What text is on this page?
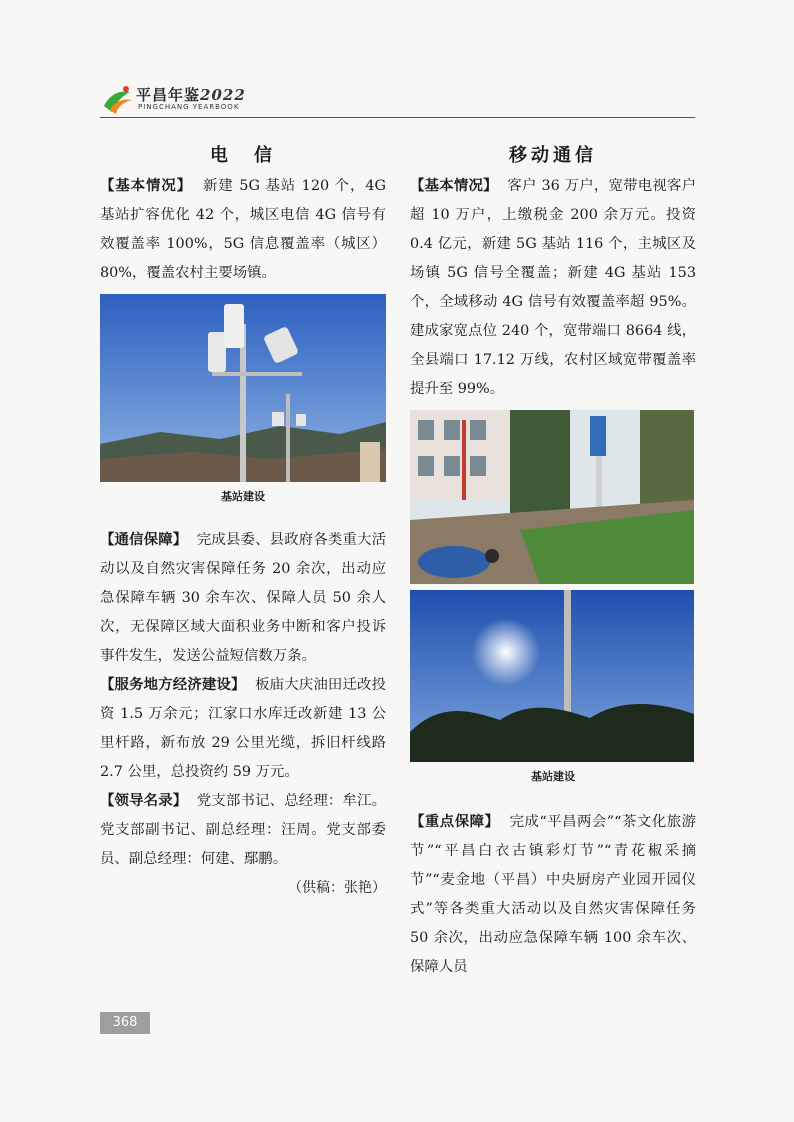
平昌年鉴2022
PINGCHANG YEARBOOK
电　信

【基本情况】 新建 5G 基站 120 个，4G 基站扩容优化 42 个，城区电信 4G 信号有效覆盖率 100%，5G 信息覆盖率（城区）80%，覆盖农村主要场镇。

基站建设

【通信保障】 完成县委、县政府各类重大活动以及自然灾害保障任务 20 余次，出动应急保障车辆 30 余车次、保障人员 50 余人次，无保障区域大面积业务中断和客户投诉事件发生，发送公益短信数万条。

【服务地方经济建设】 板庙大庆油田迁改投资 1.5 万余元；江家口水库迁改新建 13 公里杆路，新布放 29 公里光缆，拆旧杆线路 2.7 公里，总投资约 59 万元。

【领导名录】 党支部书记、总经理：牟江。党支部副书记、副总经理：汪周。党支部委员、副总经理：何建、鄢鹏。

（供稿：张艳）

移动通信

【基本情况】 客户 36 万户，宽带电视客户超 10 万户，上缴税金 200 余万元。投资 0.4 亿元，新建 5G 基站 116 个，主城区及场镇 5G 信号全覆盖；新建 4G 基站 153 个，全域移动 4G 信号有效覆盖率超 95%。建成家宽点位 240 个，宽带端口 8664 线，全县端口 17.12 万线，农村区域宽带覆盖率提升至 99%。

基站建设

【重点保障】 完成“平昌两会”“茶文化旅游节”“平昌白衣古镇彩灯节”“青花椒采摘节”“麦金地（平昌）中央厨房产业园开园仪式”等各类重大活动以及自然灾害保障任务 50 余次，出动应急保障车辆 100 余车次、保障人员

368
